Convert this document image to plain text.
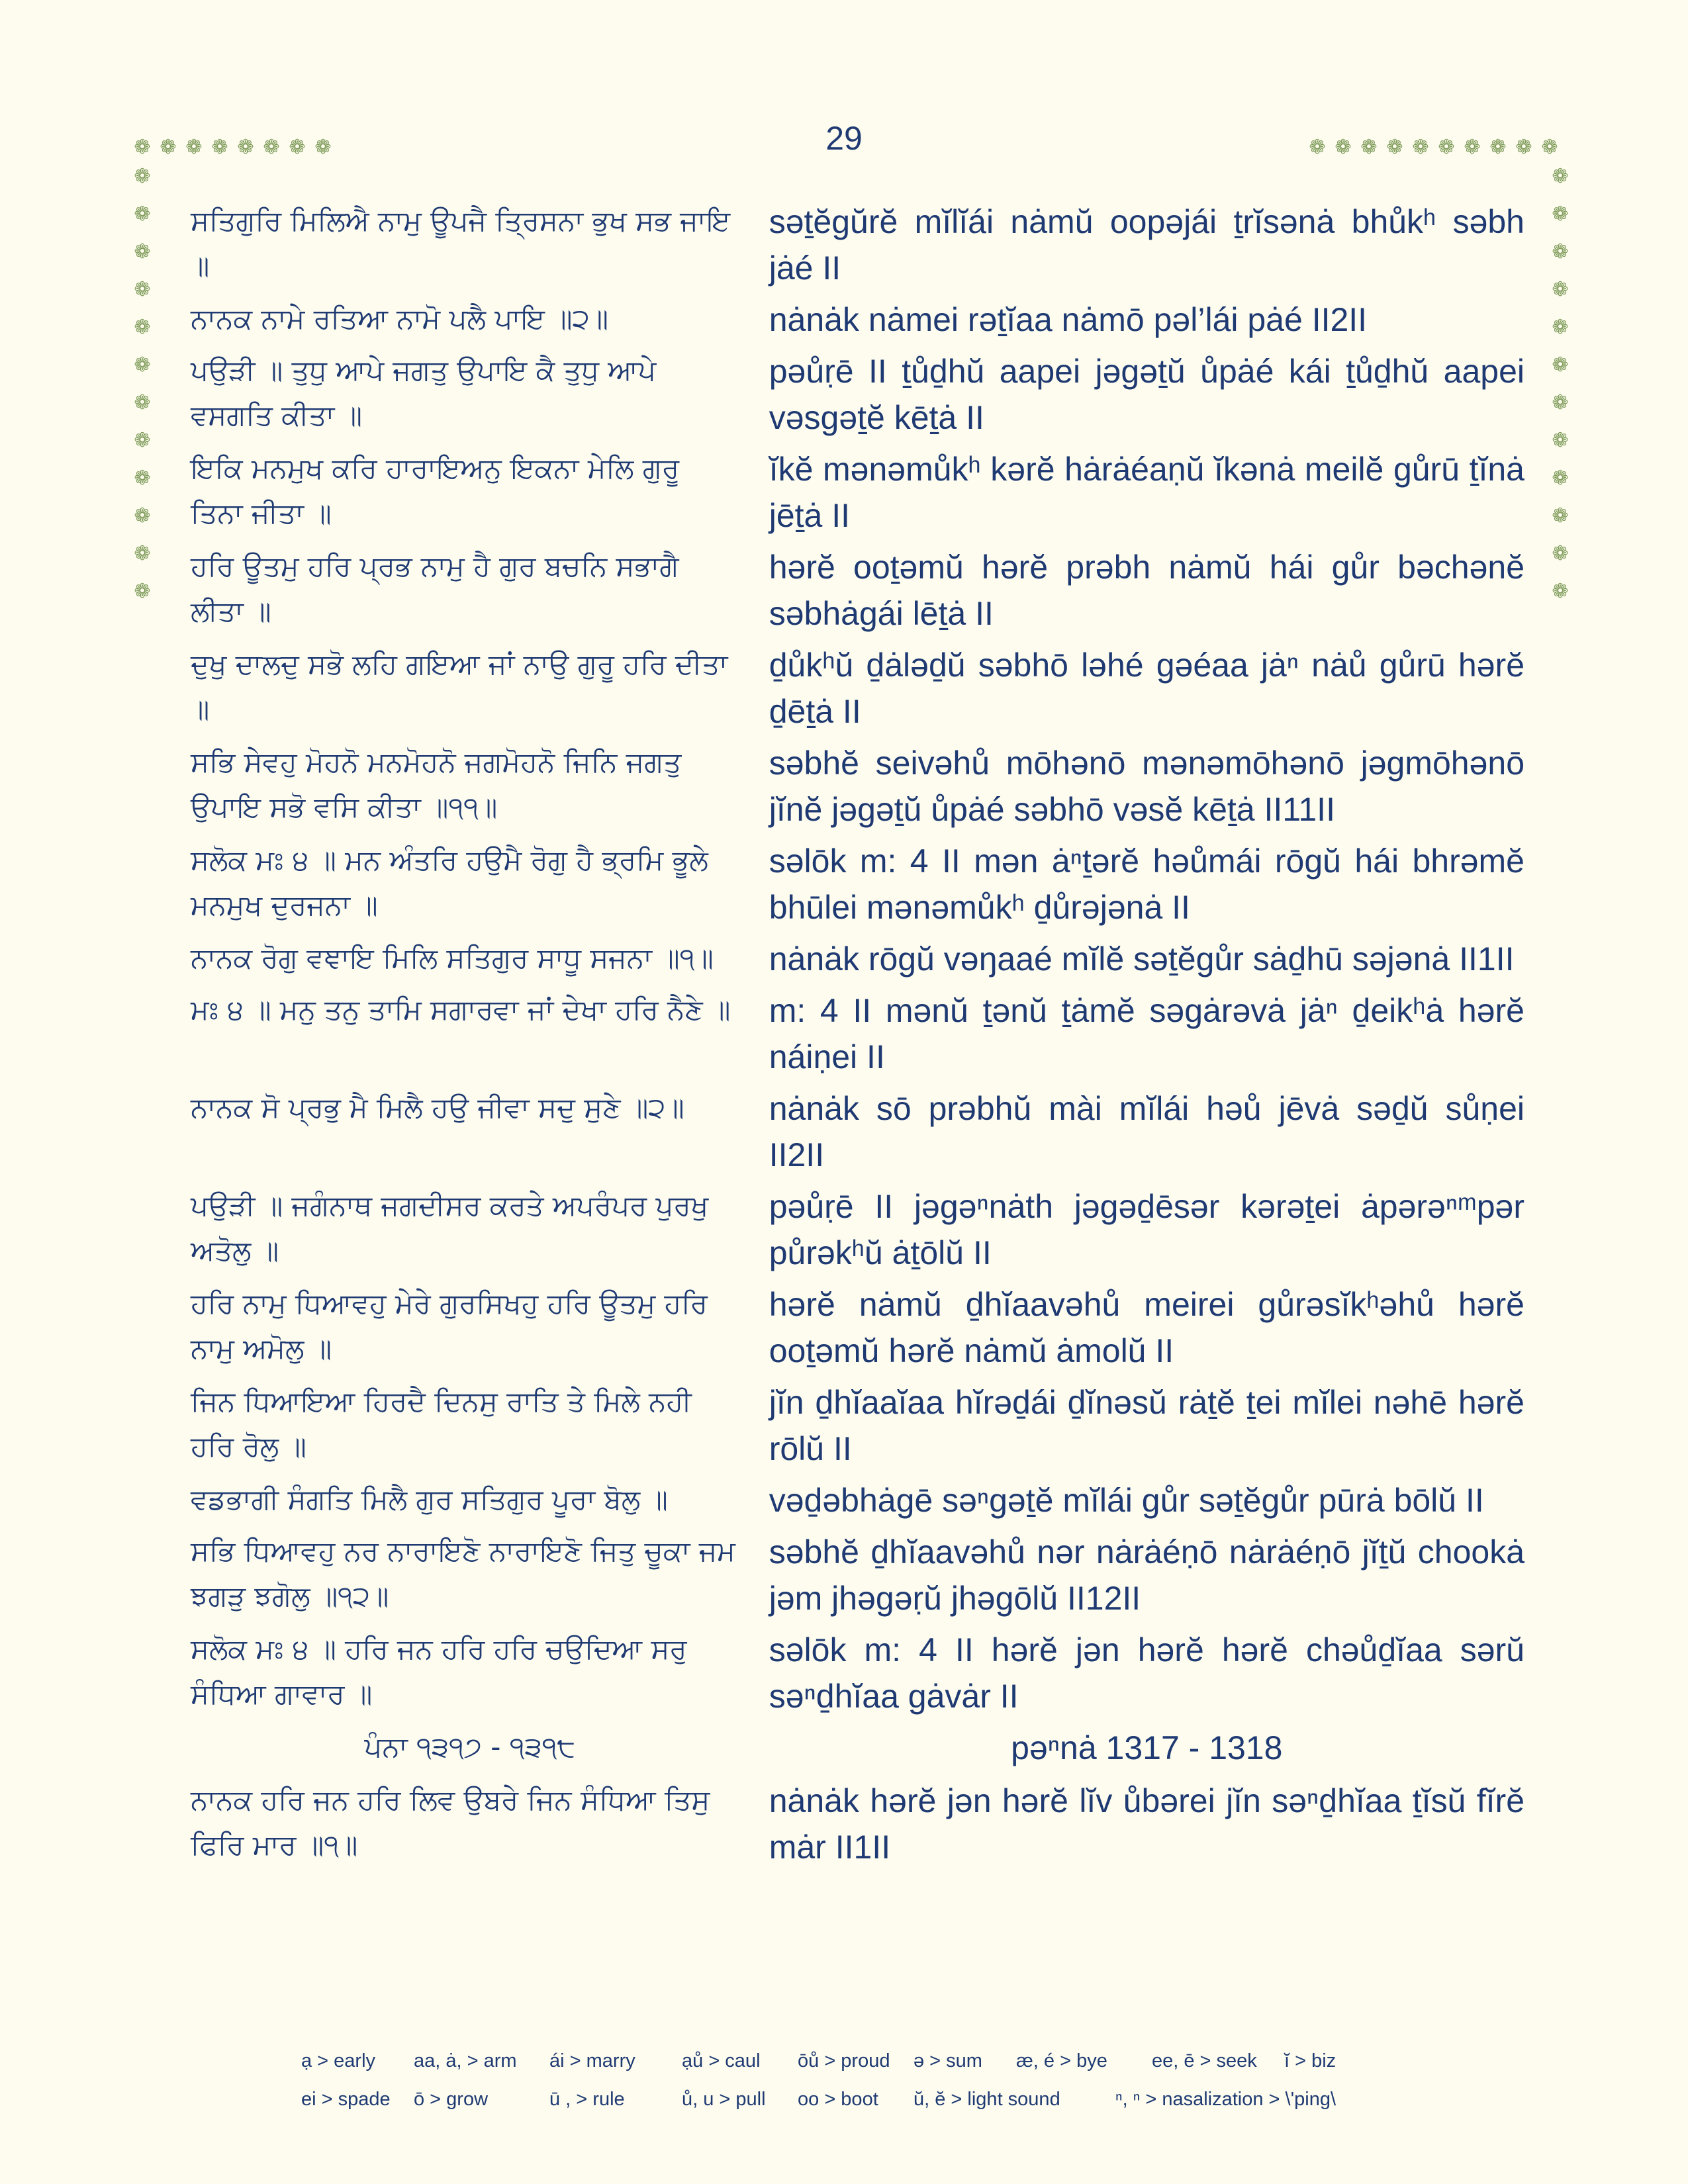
29
❁ ❁ ❁ ❁ ❁ ❁ ❁ ❁	❁ ❁ ❁ ❁ ❁ ❁ ❁ ❁ ❁ ❁
❁
❁
❁
❁
❁
❁
❁
❁
❁
❁
❁
❁
❁
❁
❁
❁
❁
❁
❁
❁
❁
❁
❁
❁
ਸਤਿਗੁਰਿ ਮਿਲਿਐ ਨਾਮੁ ਊਪਜੈ ਤ੍ਰਿਸਨਾ ਭੁਖ ਸਭ ਜਾਇ ॥
səṯĕgŭrĕ mĭlĭái nȧmŭ oopəjái ṯrĭsənȧ bhůkʰ səbh jȧé II
ਨਾਨਕ ਨਾਮੇ ਰਤਿਆ ਨਾਮੋ ਪਲੈ ਪਾਇ ॥੨॥	nȧnȧk nȧmei rəṯĭaa nȧmō pəl’lái pȧé II2II
ਪਉੜੀ ॥ ਤੁਧੁ ਆਪੇ ਜਗਤੁ ਉਪਾਇ ਕੈ ਤੁਧੁ ਆਪੇ ਵਸਗਤਿ ਕੀਤਾ ॥
pəůṛē II ṯůḏhŭ aapei jəgəṯŭ ůpȧé kái ṯůḏhŭ aapei vəsgəṯĕ kēṯȧ II
ਇਕਿ ਮਨਮੁਖ ਕਰਿ ਹਾਰਾਇਅਨੁ ਇਕਨਾ ਮੇਲਿ ਗੁਰੂ ਤਿਨਾ ਜੀਤਾ ॥
ĭkĕ mənəmůkʰ kərĕ hȧrȧéaṇŭ ĭkənȧ meilĕ gůrū ṯĭnȧ jēṯȧ II
ਹਰਿ ਊਤਮੁ ਹਰਿ ਪ੍ਰਭ ਨਾਮੁ ਹੈ ਗੁਰ ਬਚਨਿ ਸਭਾਗੈ ਲੀਤਾ ॥
hərĕ ooṯəmŭ hərĕ prəbh nȧmŭ hái gůr bəchənĕ səbhȧgái lēṯȧ II
ਦੁਖੁ ਦਾਲਦੁ ਸਭੋ ਲਹਿ ਗਇਆ ਜਾਂ ਨਾਉ ਗੁਰੂ ਹਰਿ ਦੀਤਾ ॥
ḏůkʰŭ ḏȧləḏŭ səbhō ləhé gəéaa jȧⁿ nȧů gůrū hərĕ ḏēṯȧ II
ਸਭਿ ਸੇਵਹੁ ਮੋਹਨੋ ਮਨਮੋਹਨੋ ਜਗਮੋਹਨੋ ਜਿਨਿ ਜਗਤੁ ਉਪਾਇ ਸਭੋ ਵਸਿ ਕੀਤਾ ॥੧੧॥
səbhĕ seivəhů mōhənō mənəmōhənō jəgmōhənō jĭnĕ jəgəṯŭ ůpȧé səbhō vəsĕ kēṯȧ II11II
ਸਲੋਕ ਮਃ ੪ ॥ ਮਨ ਅੰਤਰਿ ਹਉਮੈ ਰੋਗੁ ਹੈ ਭ੍ਰਮਿ ਭੂਲੇ ਮਨਮੁਖ ਦੁਰਜਨਾ ॥
səlōk m: 4 II mən ȧⁿṯərĕ həůmái rōgŭ hái bhrəmĕ bhūlei mənəmůkʰ ḏůrəjənȧ II
ਨਾਨਕ ਰੋਗੁ ਵਞਾਇ ਮਿਲਿ ਸਤਿਗੁਰ ਸਾਧੂ ਸਜਨਾ ॥੧॥	nȧnȧk rōgŭ vəŋaaé mĭlĕ səṯĕgůr sȧḏhū səjənȧ II1II
ਮਃ ੪ ॥ ਮਨੁ ਤਨੁ ਤਾਮਿ ਸਗਾਰਵਾ ਜਾਂ ਦੇਖਾ ਹਰਿ ਨੈਣੇ ॥	m: 4 II mənŭ ṯənŭ ṯȧmĕ səgȧrəvȧ jȧⁿ ḏeikʰȧ hərĕ náiṇei II
ਨਾਨਕ ਸੋ ਪ੍ਰਭੁ ਮੈ ਮਿਲੈ ਹਉ ਜੀਵਾ ਸਦੁ ਸੁਣੇ ॥੨॥	nȧnȧk sō prəbhŭ mài mĭlái həů jēvȧ səḏŭ sůṇei II2II
ਪਉੜੀ ॥ ਜਗੰਨਾਥ ਜਗਦੀਸਰ ਕਰਤੇ ਅਪਰੰਪਰ ਪੁਰਖੁ ਅਤੋਲੁ ॥
pəůṛē II jəgəⁿnȧth jəgəḏēsər kərəṯei ȧpərəⁿᵐpər půrəkʰŭ ȧṯōlŭ II
ਹਰਿ ਨਾਮੁ ਧਿਆਵਹੁ ਮੇਰੇ ਗੁਰਸਿਖਹੁ ਹਰਿ ਊਤਮੁ ਹਰਿ ਨਾਮੁ ਅਮੋਲੁ ॥
hərĕ nȧmŭ ḏhĭaavəhů meirei gůrəsĭkʰəhů hərĕ ooṯəmŭ hərĕ nȧmŭ ȧmolŭ II
ਜਿਨ ਧਿਆਇਆ ਹਿਰਦੈ ਦਿਨਸੁ ਰਾਤਿ ਤੇ ਮਿਲੇ ਨਹੀ ਹਰਿ ਰੋਲੁ ॥
jĭn ḏhĭaaĭaa hĭrəḏái ḏĭnəsŭ rȧṯĕ ṯei mĭlei nəhē hərĕ rōlŭ II
ਵਡਭਾਗੀ ਸੰਗਤਿ ਮਿਲੈ ਗੁਰ ਸਤਿਗੁਰ ਪੂਰਾ ਬੋਲੁ ॥	vəḏəbhȧgē səⁿgəṯĕ mĭlái gůr səṯĕgůr pūrȧ bōlŭ II
ਸਭਿ ਧਿਆਵਹੁ ਨਰ ਨਾਰਾਇਣੋ ਨਾਰਾਇਣੋ ਜਿਤੁ ਚੂਕਾ ਜਮ ਝਗੜੁ ਝਗੋਲੁ ॥੧੨॥
səbhĕ ḏhĭaavəhů nər nȧrȧéṇō nȧrȧéṇō jĭṯŭ chookȧ jəm jhəgəṛŭ jhəgōlŭ II12II
ਸਲੋਕ ਮਃ ੪ ॥ ਹਰਿ ਜਨ ਹਰਿ ਹਰਿ ਚਉਦਿਆ ਸਰੁ ਸੰਧਿਆ ਗਾਵਾਰ ॥
səlōk m: 4 II hərĕ jən hərĕ hərĕ chəůḏĭaa sərŭ səⁿḏhĭaa gȧvȧr II
ਪੰਨਾ ੧੩੧੭ - ੧੩੧੮	pəⁿnȧ 1317 - 1318
ਨਾਨਕ ਹਰਿ ਜਨ ਹਰਿ ਲਿਵ ਉਬਰੇ ਜਿਨ ਸੰਧਿਆ ਤਿਸੁ ਫਿਰਿ ਮਾਰ ॥੧॥
nȧnȧk hərĕ jən hərĕ lĭv ůbərei jĭn səⁿḏhĭaa ṯĭsŭ fĭrĕ mȧr II1II
ạ > early	aa, ȧ, > arm	ái > marry	ạů > caul	ōů > proud	ə > sum	æ, é > bye	ee, ē > seek	ĭ > biz
ei > spade	ō > grow	ū , > rule	ů, u > pull	oo > boot	ŭ, ĕ > light sound	ⁿ, ⁿ > nasalization > \'ping\
